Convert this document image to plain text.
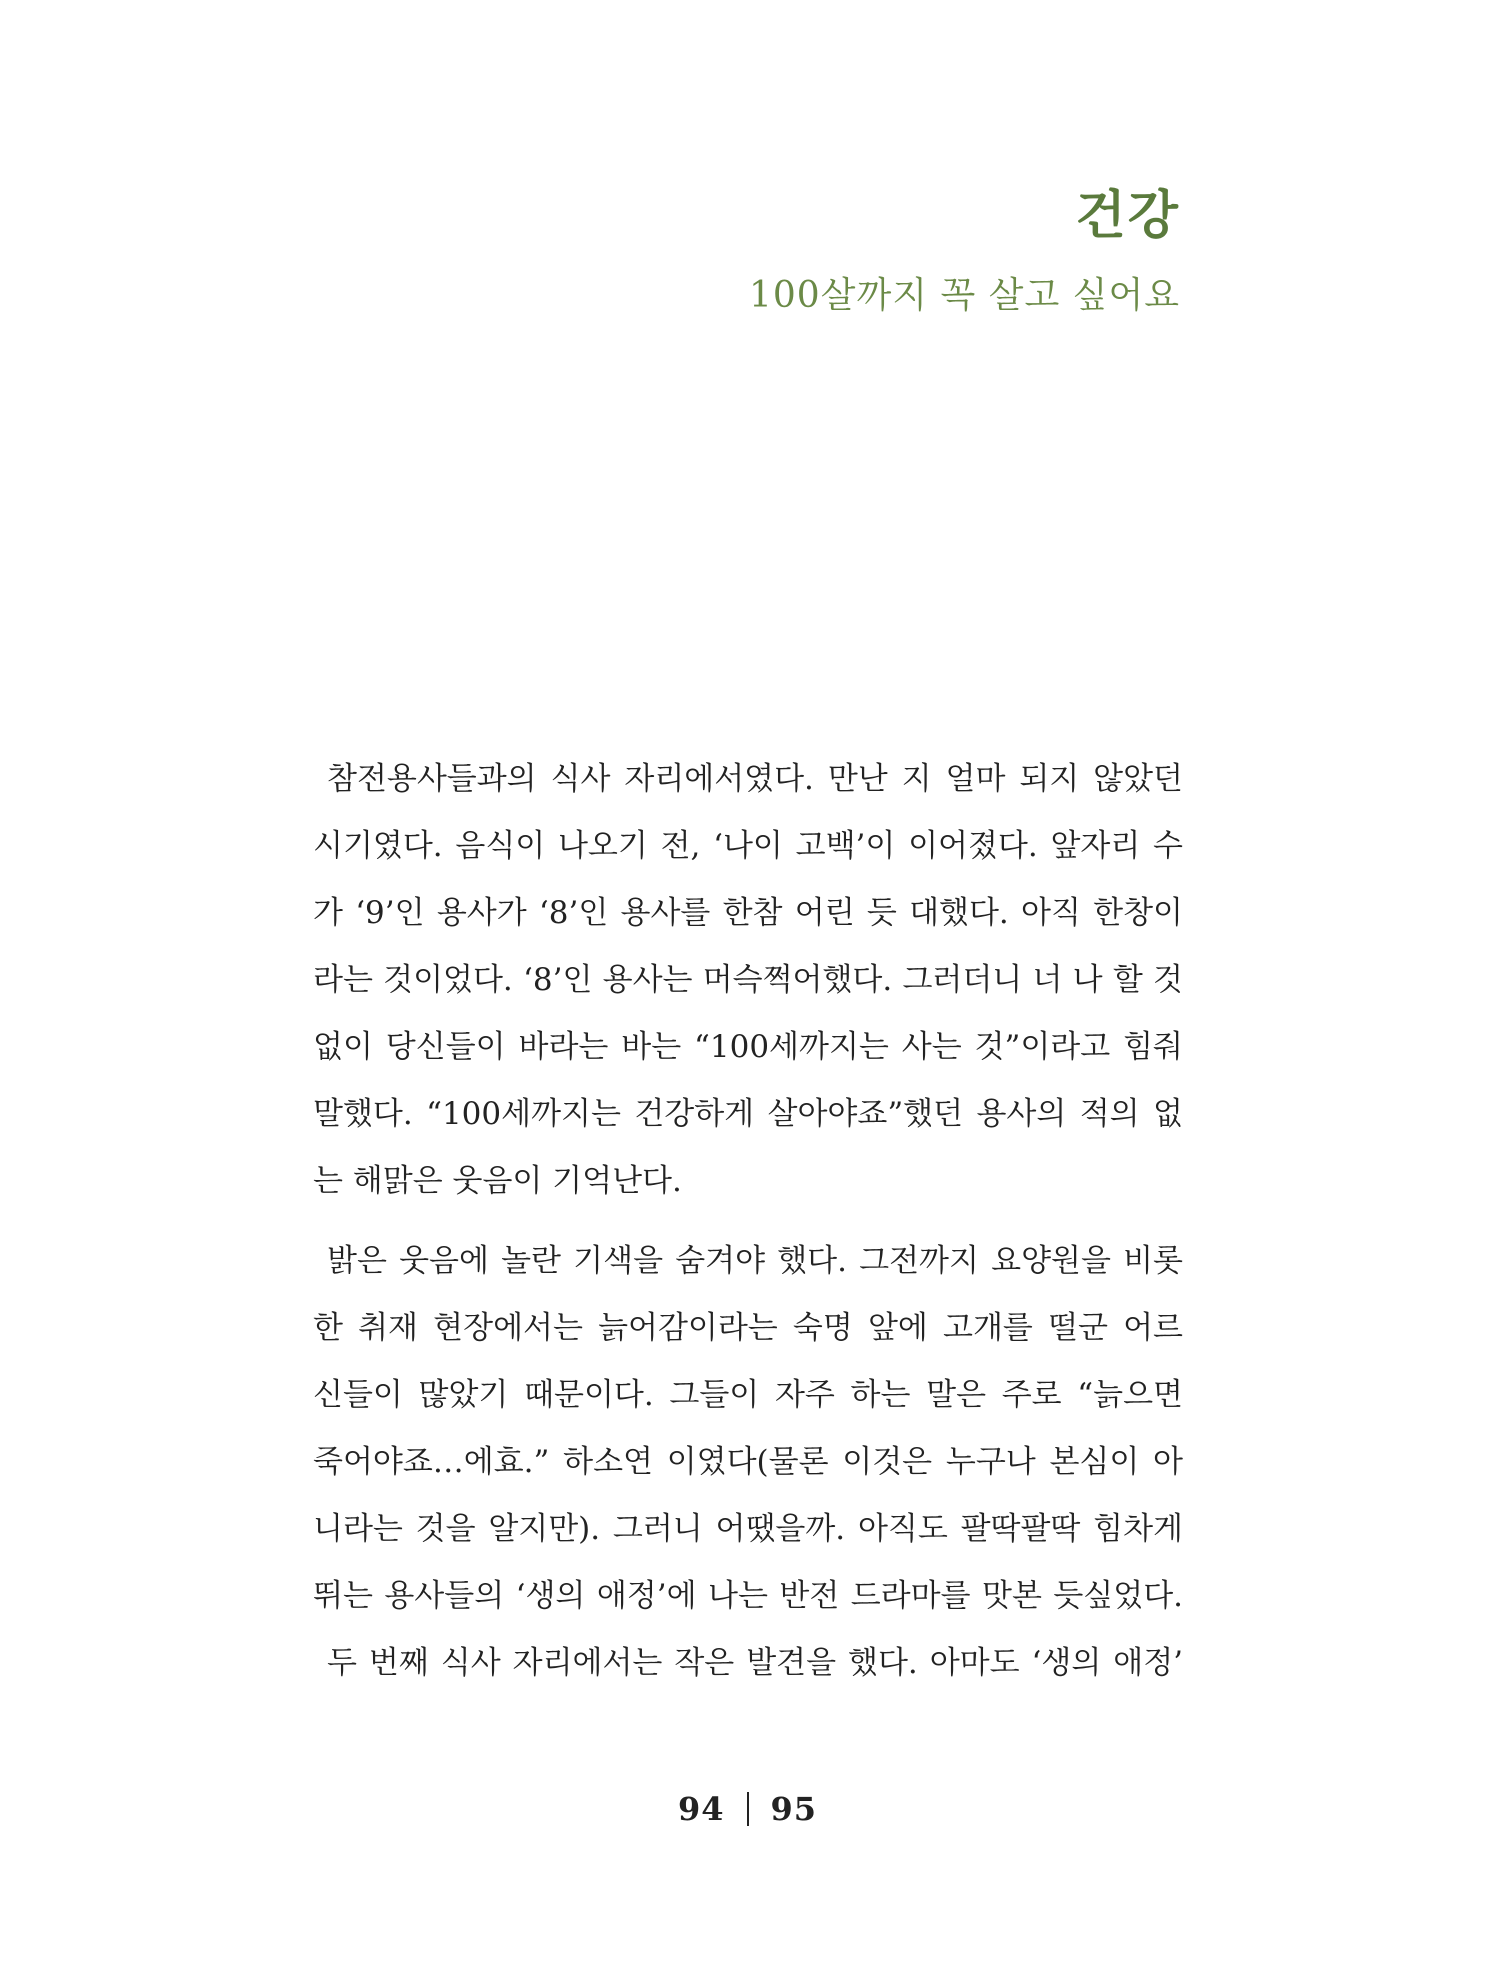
건강
100살까지 꼭 살고 싶어요
참전용사들과의 식사 자리에서였다. 만난 지 얼마 되지 않았던
시기였다. 음식이 나오기 전, ‘나이 고백’이 이어졌다. 앞자리 수
가 ‘9’인 용사가 ‘8’인 용사를 한참 어린 듯 대했다. 아직 한창이
라는 것이었다. ‘8’인 용사는 머슥쩍어했다. 그러더니 너 나 할 것
없이 당신들이 바라는 바는 “100세까지는 사는 것”이라고 힘줘
말했다. “100세까지는 건강하게 살아야죠”했던 용사의 적의 없
는 해맑은 웃음이 기억난다.
밝은 웃음에 놀란 기색을 숨겨야 했다. 그전까지 요양원을 비롯
한 취재 현장에서는 늙어감이라는 숙명 앞에 고개를 떨군 어르
신들이 많았기 때문이다. 그들이 자주 하는 말은 주로 “늙으면
죽어야죠…에효.” 하소연 이였다(물론 이것은 누구나 본심이 아
니라는 것을 알지만). 그러니 어땠을까. 아직도 팔딱팔딱 힘차게
뛰는 용사들의 ‘생의 애정’에 나는 반전 드라마를 맛본 듯싶었다.
두 번째 식사 자리에서는 작은 발견을 했다. 아마도 ‘생의 애정’
94 95
